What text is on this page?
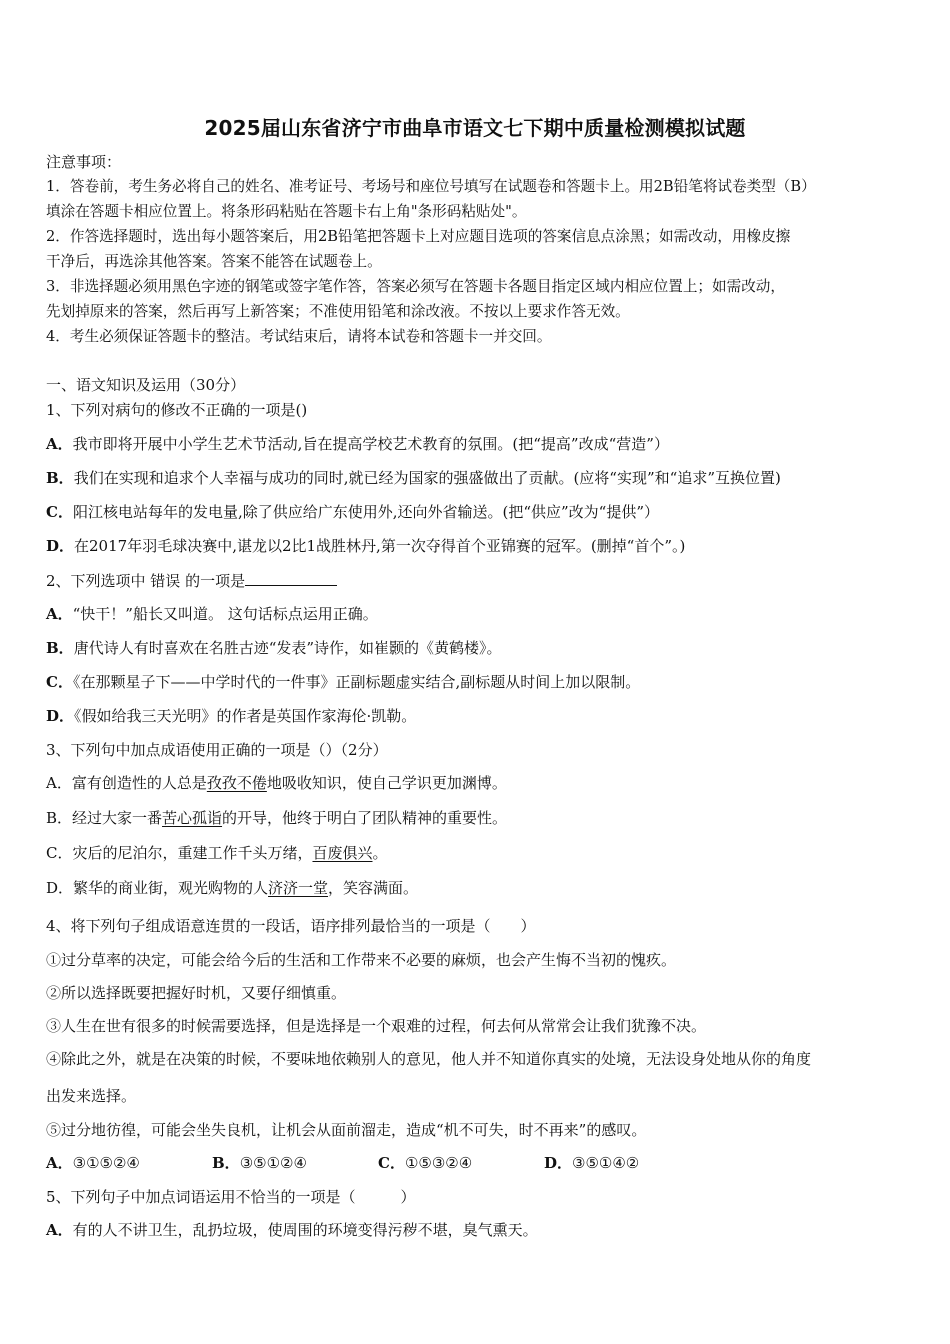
2025届山东省济宁市曲阜市语文七下期中质量检测模拟试题
注意事项：
1．答卷前，考生务必将自己的姓名、准考证号、考场号和座位号填写在试题卷和答题卡上。用2B铅笔将试卷类型（B）
填涂在答题卡相应位置上。将条形码粘贴在答题卡右上角"条形码粘贴处"。
2．作答选择题时，选出每小题答案后，用2B铅笔把答题卡上对应题目选项的答案信息点涂黑；如需改动，用橡皮擦
干净后，再选涂其他答案。答案不能答在试题卷上。
3．非选择题必须用黑色字迹的钢笔或签字笔作答，答案必须写在答题卡各题目指定区域内相应位置上；如需改动，
先划掉原来的答案，然后再写上新答案；不准使用铅笔和涂改液。不按以上要求作答无效。
4．考生必须保证答题卡的整洁。考试结束后，请将本试卷和答题卡一并交回。
一、语文知识及运用（30分）
1、下列对病句的修改不正确的一项是()
A．我市即将开展中小学生艺术节活动,旨在提高学校艺术教育的氛围。(把“提高”改成“营造”）
B．我们在实现和追求个人幸福与成功的同时,就已经为国家的强盛做出了贡献。(应将“实现”和“追求”互换位置)
C．阳江核电站每年的发电量,除了供应给广东使用外,还向外省输送。(把“供应”改为“提供”）
D．在2017年羽毛球决赛中,谌龙以2比1战胜林丹,第一次夺得首个亚锦赛的冠军。(删掉“首个”。)
2、下列选项中 错误 的一项是
A．“快干！”船长又叫道。 这句话标点运用正确。
B．唐代诗人有时喜欢在名胜古迹“发表”诗作，如崔颢的《黄鹤楼》。
C．《在那颗星子下——中学时代的一件事》正副标题虚实结合,副标题从时间上加以限制。
D．《假如给我三天光明》的作者是英国作家海伦·凯勒。
3、下列句中加点成语使用正确的一项是（）（2分）
A．富有创造性的人总是孜孜不倦地吸收知识，使自己学识更加渊博。
B．经过大家一番苦心孤诣的开导，他终于明白了团队精神的重要性。
C．灾后的尼泊尔，重建工作千头万绪，百废俱兴。
D．繁华的商业街，观光购物的人济济一堂，笑容满面。
4、将下列句子组成语意连贯的一段话，语序排列最恰当的一项是（　　）
①过分草率的决定，可能会给今后的生活和工作带来不必要的麻烦，也会产生悔不当初的愧疚。
②所以选择既要把握好时机，又要仔细慎重。
③人生在世有很多的时候需要选择，但是选择是一个艰难的过程，何去何从常常会让我们犹豫不决。
④除此之外，就是在决策的时候，不要味地依赖别人的意见，他人并不知道你真实的处境，无法设身处地从你的角度
出发来选择。
⑤过分地彷徨，可能会坐失良机，让机会从面前溜走，造成“机不可失，时不再来”的感叹。
A．③①⑤②④	B．③⑤①②④	C．①⑤③②④	D．③⑤①④②
5、下列句子中加点词语运用不恰当的一项是（　　　）
A．有的人不讲卫生，乱扔垃圾，使周围的环境变得污秽不堪，臭气熏天。
